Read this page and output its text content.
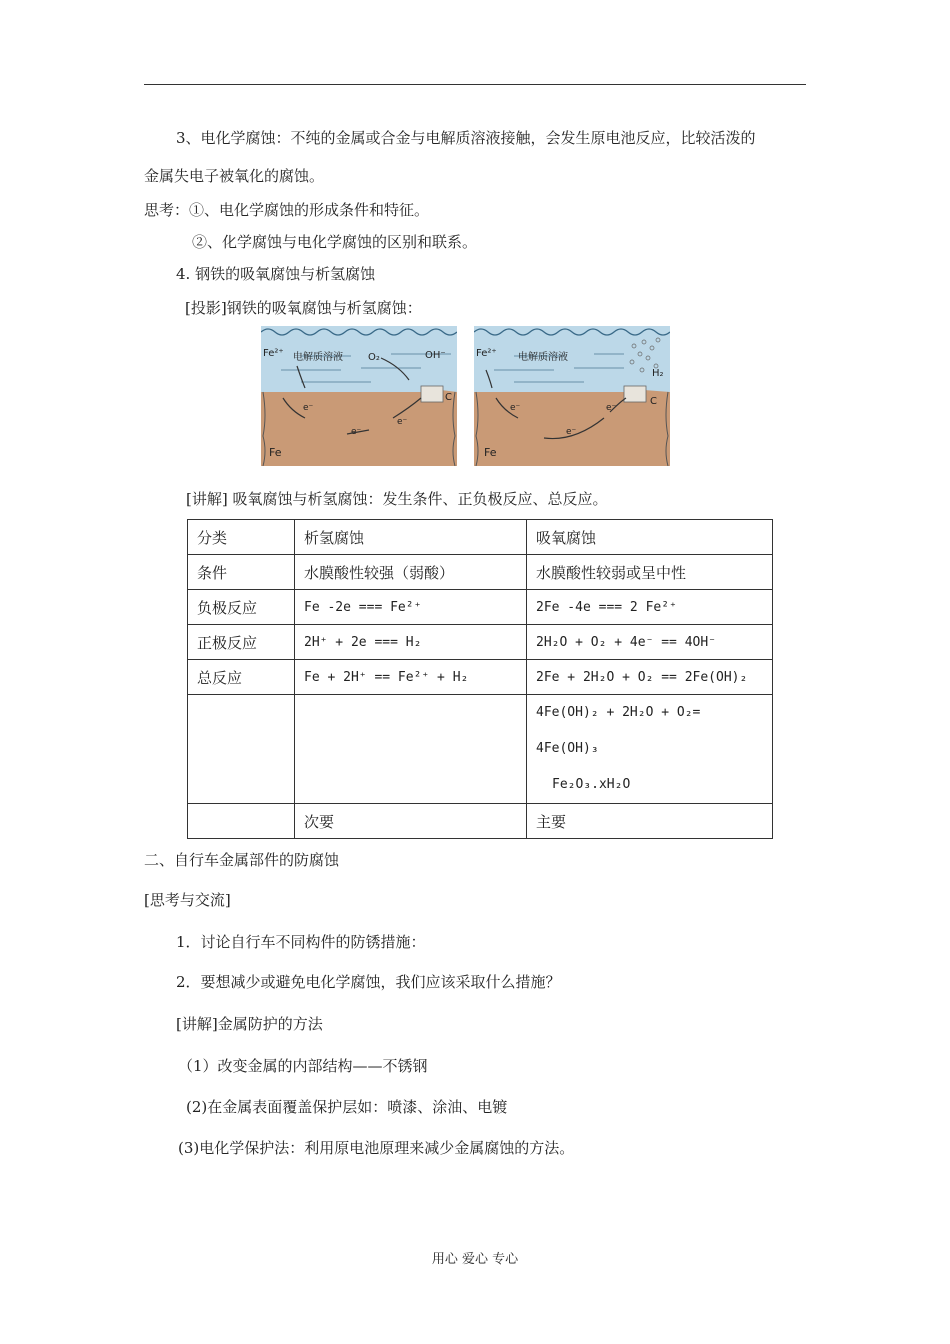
3、电化学腐蚀：不纯的金属或合金与电解质溶液接触，会发生原电池反应，比较活泼的
金属失电子被氧化的腐蚀。
思考：①、电化学腐蚀的形成条件和特征。
②、化学腐蚀与电化学腐蚀的区别和联系。
4. 钢铁的吸氧腐蚀与析氢腐蚀
[投影]钢铁的吸氧腐蚀与析氢腐蚀：
Fe²⁺ 电解质溶液	O₂	OH⁻
e⁻
e⁻
e⁻
C
Fe
Fe²⁺ 电解质溶液
H₂
e⁻
e⁻
e⁻
C
Fe
[讲解] 吸氧腐蚀与析氢腐蚀：发生条件、正负极反应、总反应。
分类	析氢腐蚀	吸氧腐蚀
条件	水膜酸性较强（弱酸）	水膜酸性较弱或呈中性
负极反应	Fe -2e === Fe²⁺	2Fe -4e === 2 Fe²⁺
正极反应	2H⁺ + 2e === H₂	2H₂O + O₂ + 4e⁻ == 4OH⁻
总反应	Fe + 2H⁺ == Fe²⁺ + H₂	2Fe + 2H₂O + O₂ == 2Fe(OH)₂

		4Fe(OH)₂ + 2H₂O + O₂=
4Fe(OH)₃
Fe₂O₃.xH₂O

	次要	主要
二、自行车金属部件的防腐蚀
[思考与交流]
1．讨论自行车不同构件的防锈措施：
2．要想减少或避免电化学腐蚀，我们应该采取什么措施？
[讲解]金属防护的方法
（1）改变金属的内部结构——不锈钢
(2)在金属表面覆盖保护层如：喷漆、涂油、电镀
(3)电化学保护法：利用原电池原理来减少金属腐蚀的方法。
用心 爱心 专心
